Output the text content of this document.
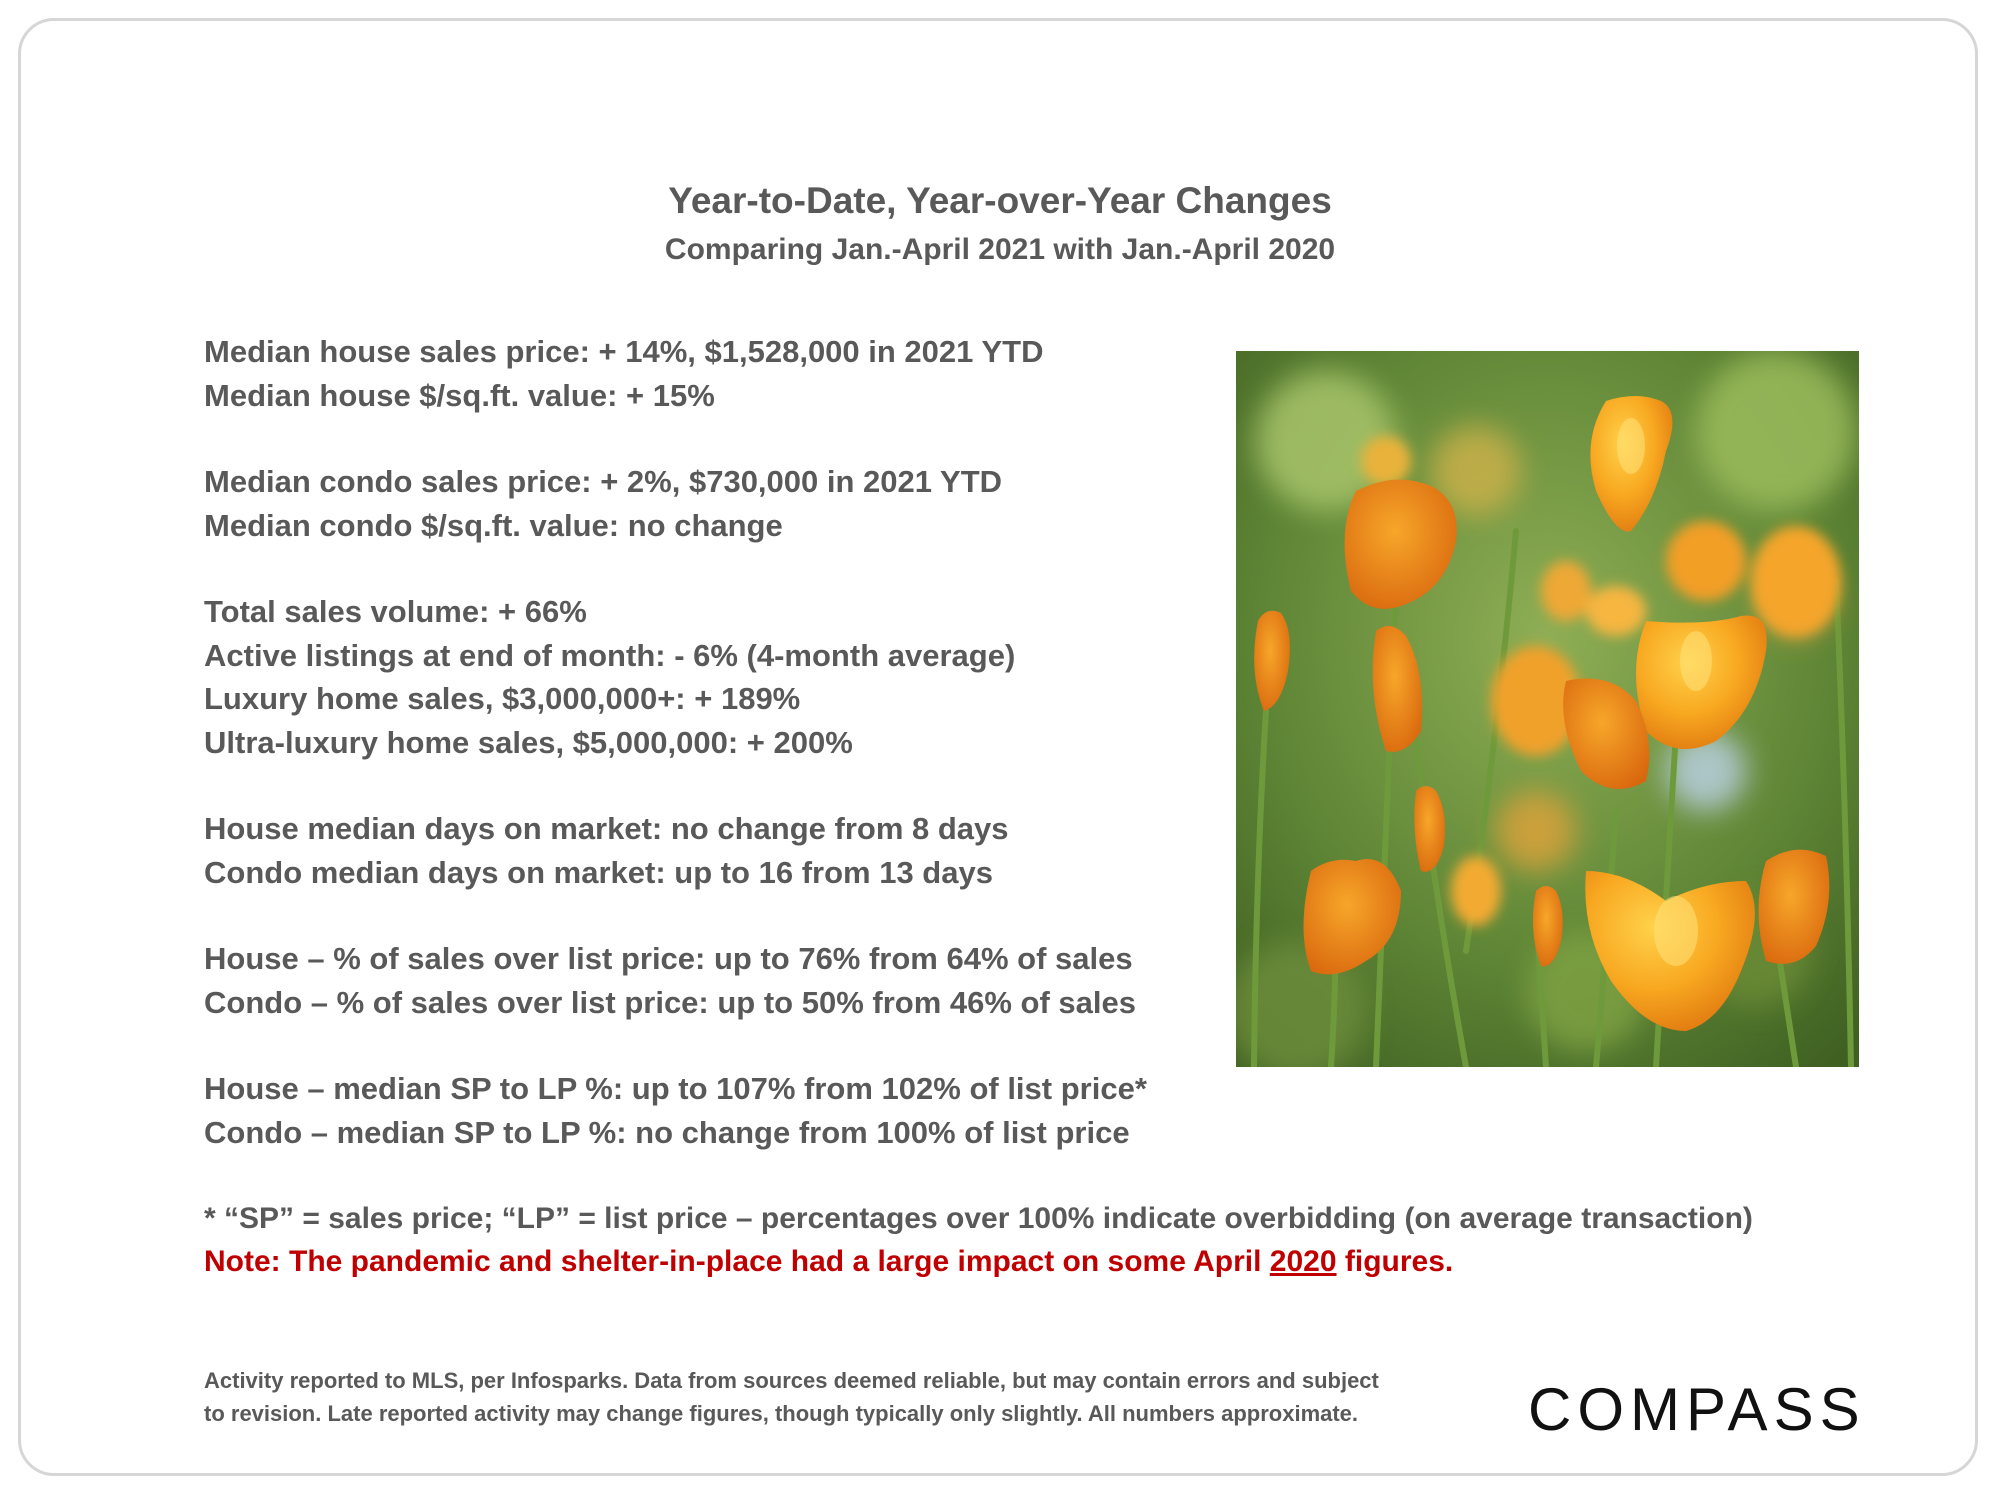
Year-to-Date, Year-over-Year Changes
Comparing Jan.-April 2021 with Jan.-April 2020
Median house sales price: + 14%, $1,528,000 in 2021 YTD
Median house $/sq.ft. value: + 15%
Median condo sales price: + 2%, $730,000 in 2021 YTD
Median condo $/sq.ft. value: no change
Total sales volume: + 66%
Active listings at end of month: - 6% (4-month average)
Luxury home sales, $3,000,000+: + 189%
Ultra-luxury home sales, $5,000,000: + 200%
House median days on market: no change from 8 days
Condo median days on market: up to 16 from 13 days
House – % of sales over list price: up to 76% from 64% of sales
Condo – % of sales over list price: up to 50% from 46% of sales
House – median SP to LP %: up to 107% from 102% of list price*
Condo – median SP to LP %: no change from 100% of list price
* “SP” = sales price; “LP” = list price – percentages over 100% indicate overbidding (on average transaction)
Note: The pandemic and shelter-in-place had a large impact on some April 2020 figures.
Activity reported to MLS, per Infosparks. Data from sources deemed reliable, but may contain errors and subject
to revision. Late reported activity may change figures, though typically only slightly. All numbers approximate.	COMPASS
